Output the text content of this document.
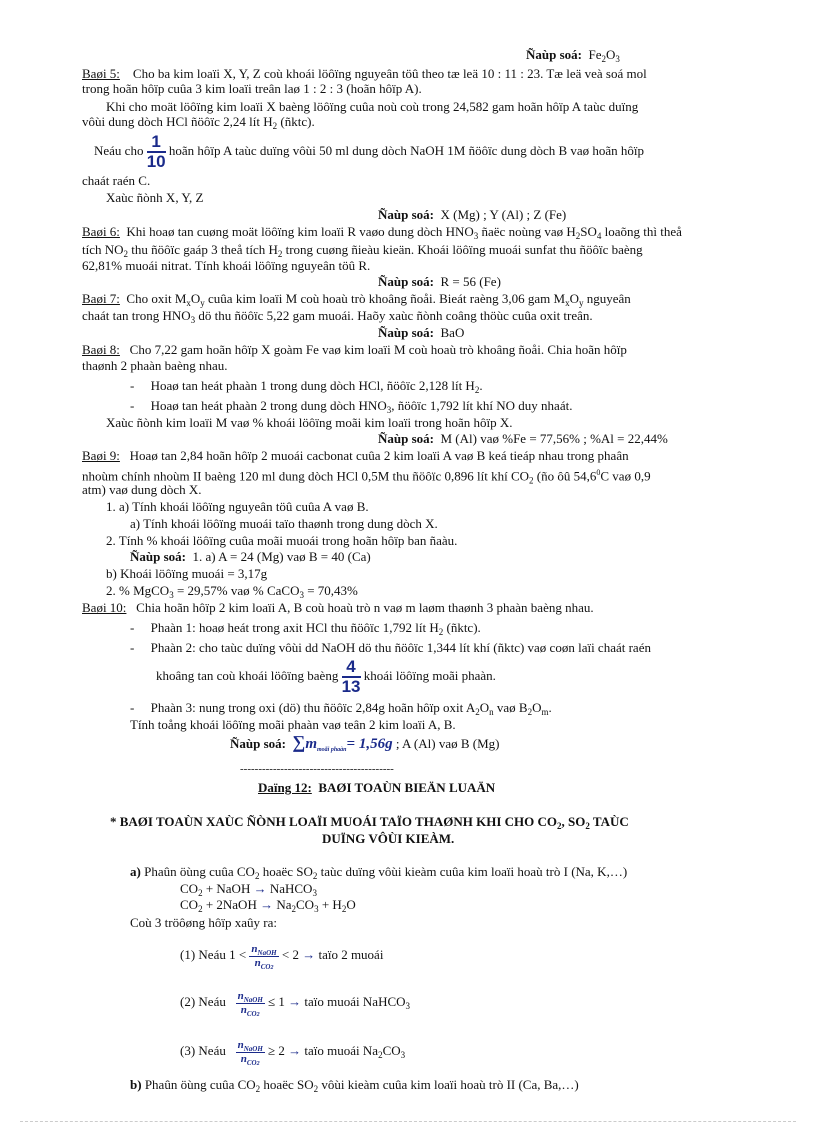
Ñaùp soá: $Fe_2O_3$
Baøi 5: Cho ba kim loaïi X, Y, Z coù khoái löôïng nguyeân töû theo tæ leä 10 : 11 : 23. Tæ leä veà soá mol
trong hoãn hôïp cuûa 3 kim loaïi treân laø 1 : 2 : 3 (hoãn hôïp A).
Khi cho moät löôïng kim loaïi X baèng löôïng cuûa noù coù trong 24,582 gam hoãn hôïp A taùc duïng
vôùi dung dòch HCl ñöôïc 2,24 lít $H_2$ (ñktc).
Neáu cho $\frac{1}{10}$ hoãn hôïp A taùc duïng vôùi 50 ml dung dòch NaOH 1M ñöôïc dung dòch B vaø hoãn hôïp
chaát raén C.
Xaùc ñònh X, Y, Z
Ñaùp soá: X (Mg) ; Y (Al) ; Z (Fe)
Baøi 6: Khi hoaø tan cuøng moät löôïng kim loaïi R vaøo dung dòch $HNO_3$ ñaëc noùng vaø $H_2SO_4$ loaõng thì theå
tích $NO_2$ thu ñöôïc gaáp 3 theå tích $H_2$ trong cuøng ñieàu kieän. Khoái löôïng muoái sunfat thu ñöôïc baèng
62,81% muoái nitrat. Tính khoái löôïng nguyeân töû R.
Ñaùp soá: R = 56 (Fe)
Baøi 7: Cho oxit $M_xO_y$ cuûa kim loaïi M coù hoaù trò khoâng ñoåi. Bieát raèng 3,06 gam $M_xO_y$ nguyeân
chaát tan trong $HNO_3$ dö thu ñöôïc 5,22 gam muoái. Haõy xaùc ñònh coâng thöùc cuûa oxit treân.
Ñaùp soá: BaO
Baøi 8: Cho 7,22 gam hoãn hôïp X goàm Fe vaø kim loaïi M coù hoaù trò khoâng ñoåi. Chia hoãn hôïp
thaønh 2 phaàn baèng nhau.
- Hoaø tan heát phaàn 1 trong dung dòch HCl, ñöôïc 2,128 lít $H_2$.
- Hoaø tan heát phaàn 2 trong dung dòch $HNO_3$, ñöôïc 1,792 lít khí NO duy nhaát.
Xaùc ñònh kim loaïi M vaø % khoái löôïng moãi kim loaïi trong hoãn hôïp X.
Ñaùp soá: M (Al) vaø %Fe = 77,56% ; %Al = 22,44%
Baøi 9: Hoaø tan 2,84 hoãn hôïp 2 muoái cacbonat cuûa 2 kim loaïi A vaø B keá tieáp nhau trong phaân
nhoùm chính nhoùm II baèng 120 ml dung dòch HCl 0,5M thu ñöôïc 0,896 lít khí $CO_2$ (ño ôû 54,6$^0$C vaø 0,9
atm) vaø dung dòch X.
1. a) Tính khoái löôïng nguyeân töû cuûa A vaø B.
a) Tính khoái löôïng muoái taïo thaønh trong dung dòch X.
2. Tính % khoái löôïng cuûa moãi muoái trong hoãn hôïp ban ñaàu.
Ñaùp soá: 1. a) A = 24 (Mg) vaø B = 40 (Ca)
b) Khoái löôïng muoái = 3,17g
2. % MgCO$_3$ = 29,57% vaø % CaCO$_3$ = 70,43%
Baøi 10: Chia hoãn hôïp 2 kim loaïi A, B coù hoaù trò n vaø m laøm thaønh 3 phaàn baèng nhau.
- Phaàn 1: hoaø heát trong axit HCl thu ñöôïc 1,792 lít $H_2$ (ñktc).
- Phaàn 2: cho taùc duïng vôùi dd NaOH dö thu ñöôïc 1,344 lít khí (ñktc) vaø coøn laïi chaát raén
khoâng tan coù khoái löôïng baèng $\frac{4}{13}$ khoái löôïng moãi phaàn.
- Phaàn 3: nung trong oxi (dö) thu ñöôïc 2,84g hoãn hôïp oxit $A_2O_n$ vaø $B_2O_m$.
Tính toång khoái löôïng moãi phaàn vaø teân 2 kim loaïi A, B.
Ñaùp soá: $\sum m_{moãi phaàn}= 1,56g$ ; A (Al) vaø B (Mg)
------------------------------------------
Daïng 12: BAØI TOAÙN BIEÄN LUAÄN
* BAØI TOAÙN XAÙC ÑÒNH LOAÏI MUOÁI TAÏO THAØNH KHI CHO $CO_2$, $SO_2$ TAÙC
DUÏNG VÔÙI KIEÀM.
a) Phaûn öùng cuûa $CO_2$ hoaëc $SO_2$ taùc duïng vôùi kieàm cuûa kim loaïi hoaù trò I (Na, K,…)
$CO_2$ + NaOH → NaHCO$_3$
$CO_2$ + 2NaOH → $Na_2CO_3 + H_2O$
Coù 3 tröôøng hôïp xaûy ra:
(1) Neáu $1 < \frac{n_{NaOH}}{n_{CO2}} < 2$ → taïo 2 muoái
(2) Neáu $\frac{n_{NaOH}}{n_{CO2}} \le 1$ → taïo muoái NaHCO$_3$
(3) Neáu $\frac{n_{NaOH}}{n_{CO2}} \ge 2$ → taïo muoái $Na_2CO_3$
b) Phaûn öùng cuûa $CO_2$ hoaëc $SO_2$ vôùi kieàm cuûa kim loaïi hoaù trò II (Ca, Ba,…)
